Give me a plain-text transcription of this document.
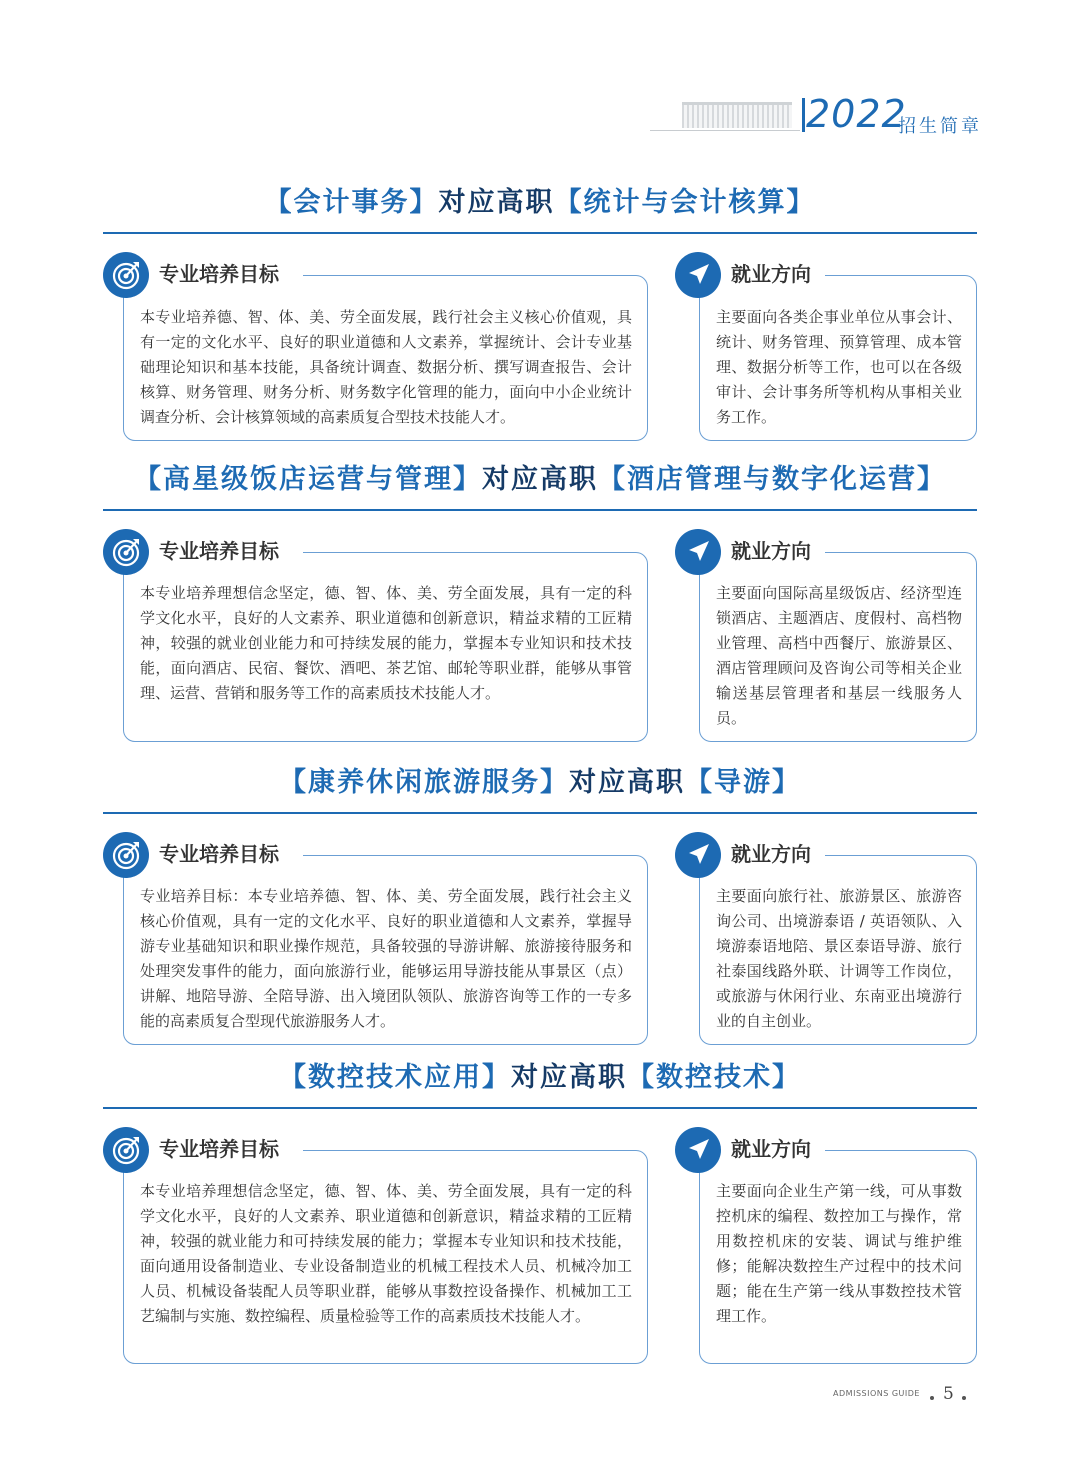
2022
招生简章
【会计事务】对应高职【统计与会计核算】

本专业培养德、智、体、美、劳全面发展，践行社会主义核心价值观，具有一定的文化水平、良好的职业道德和人文素养，掌握统计、会计专业基础理论知识和基本技能，具备统计调查、数据分析、撰写调查报告、会计核算、财务管理、财务分析、财务数字化管理的能力，面向中小企业统计调查分析、会计核算领域的高素质复合型技术技能人才。

专业培养目标

主要面向各类企事业单位从事会计、统计、财务管理、预算管理、成本管理、数据分析等工作，也可以在各级审计、会计事务所等机构从事相关业务工作。

就业方向
【高星级饭店运营与管理】对应高职【酒店管理与数字化运营】

本专业培养理想信念坚定，德、智、体、美、劳全面发展，具有一定的科学文化水平，良好的人文素养、职业道德和创新意识，精益求精的工匠精神，较强的就业创业能力和可持续发展的能力，掌握本专业知识和技术技能，面向酒店、民宿、餐饮、酒吧、茶艺馆、邮轮等职业群，能够从事管理、运营、营销和服务等工作的高素质技术技能人才。

专业培养目标

主要面向国际高星级饭店、经济型连锁酒店、主题酒店、度假村、高档物业管理、高档中西餐厅、旅游景区、酒店管理顾问及咨询公司等相关企业输送基层管理者和基层一线服务人员。

就业方向
【康养休闲旅游服务】对应高职【导游】

专业培养目标：本专业培养德、智、体、美、劳全面发展，践行社会主义核心价值观，具有一定的文化水平、良好的职业道德和人文素养，掌握导游专业基础知识和职业操作规范，具备较强的导游讲解、旅游接待服务和处理突发事件的能力，面向旅游行业，能够运用导游技能从事景区（点）讲解、地陪导游、全陪导游、出入境团队领队、旅游咨询等工作的一专多能的高素质复合型现代旅游服务人才。

专业培养目标

主要面向旅行社、旅游景区、旅游咨询公司、出境游泰语 / 英语领队、入境游泰语地陪、景区泰语导游、旅行社泰国线路外联、计调等工作岗位，或旅游与休闲行业、东南亚出境游行业的自主创业。

就业方向
【数控技术应用】对应高职【数控技术】

本专业培养理想信念坚定，德、智、体、美、劳全面发展，具有一定的科学文化水平，良好的人文素养、职业道德和创新意识，精益求精的工匠精神，较强的就业能力和可持续发展的能力；掌握本专业知识和技术技能，面向通用设备制造业、专业设备制造业的机械工程技术人员、机械冷加工人员、机械设备装配人员等职业群，能够从事数控设备操作、机械加工工艺编制与实施、数控编程、质量检验等工作的高素质技术技能人才。

专业培养目标

主要面向企业生产第一线，可从事数控机床的编程、数控加工与操作，常用数控机床的安装、调试与维护维修；能解决数控生产过程中的技术问题；能在生产第一线从事数控技术管理工作。

就业方向
ADMISSIONS GUIDE 5
